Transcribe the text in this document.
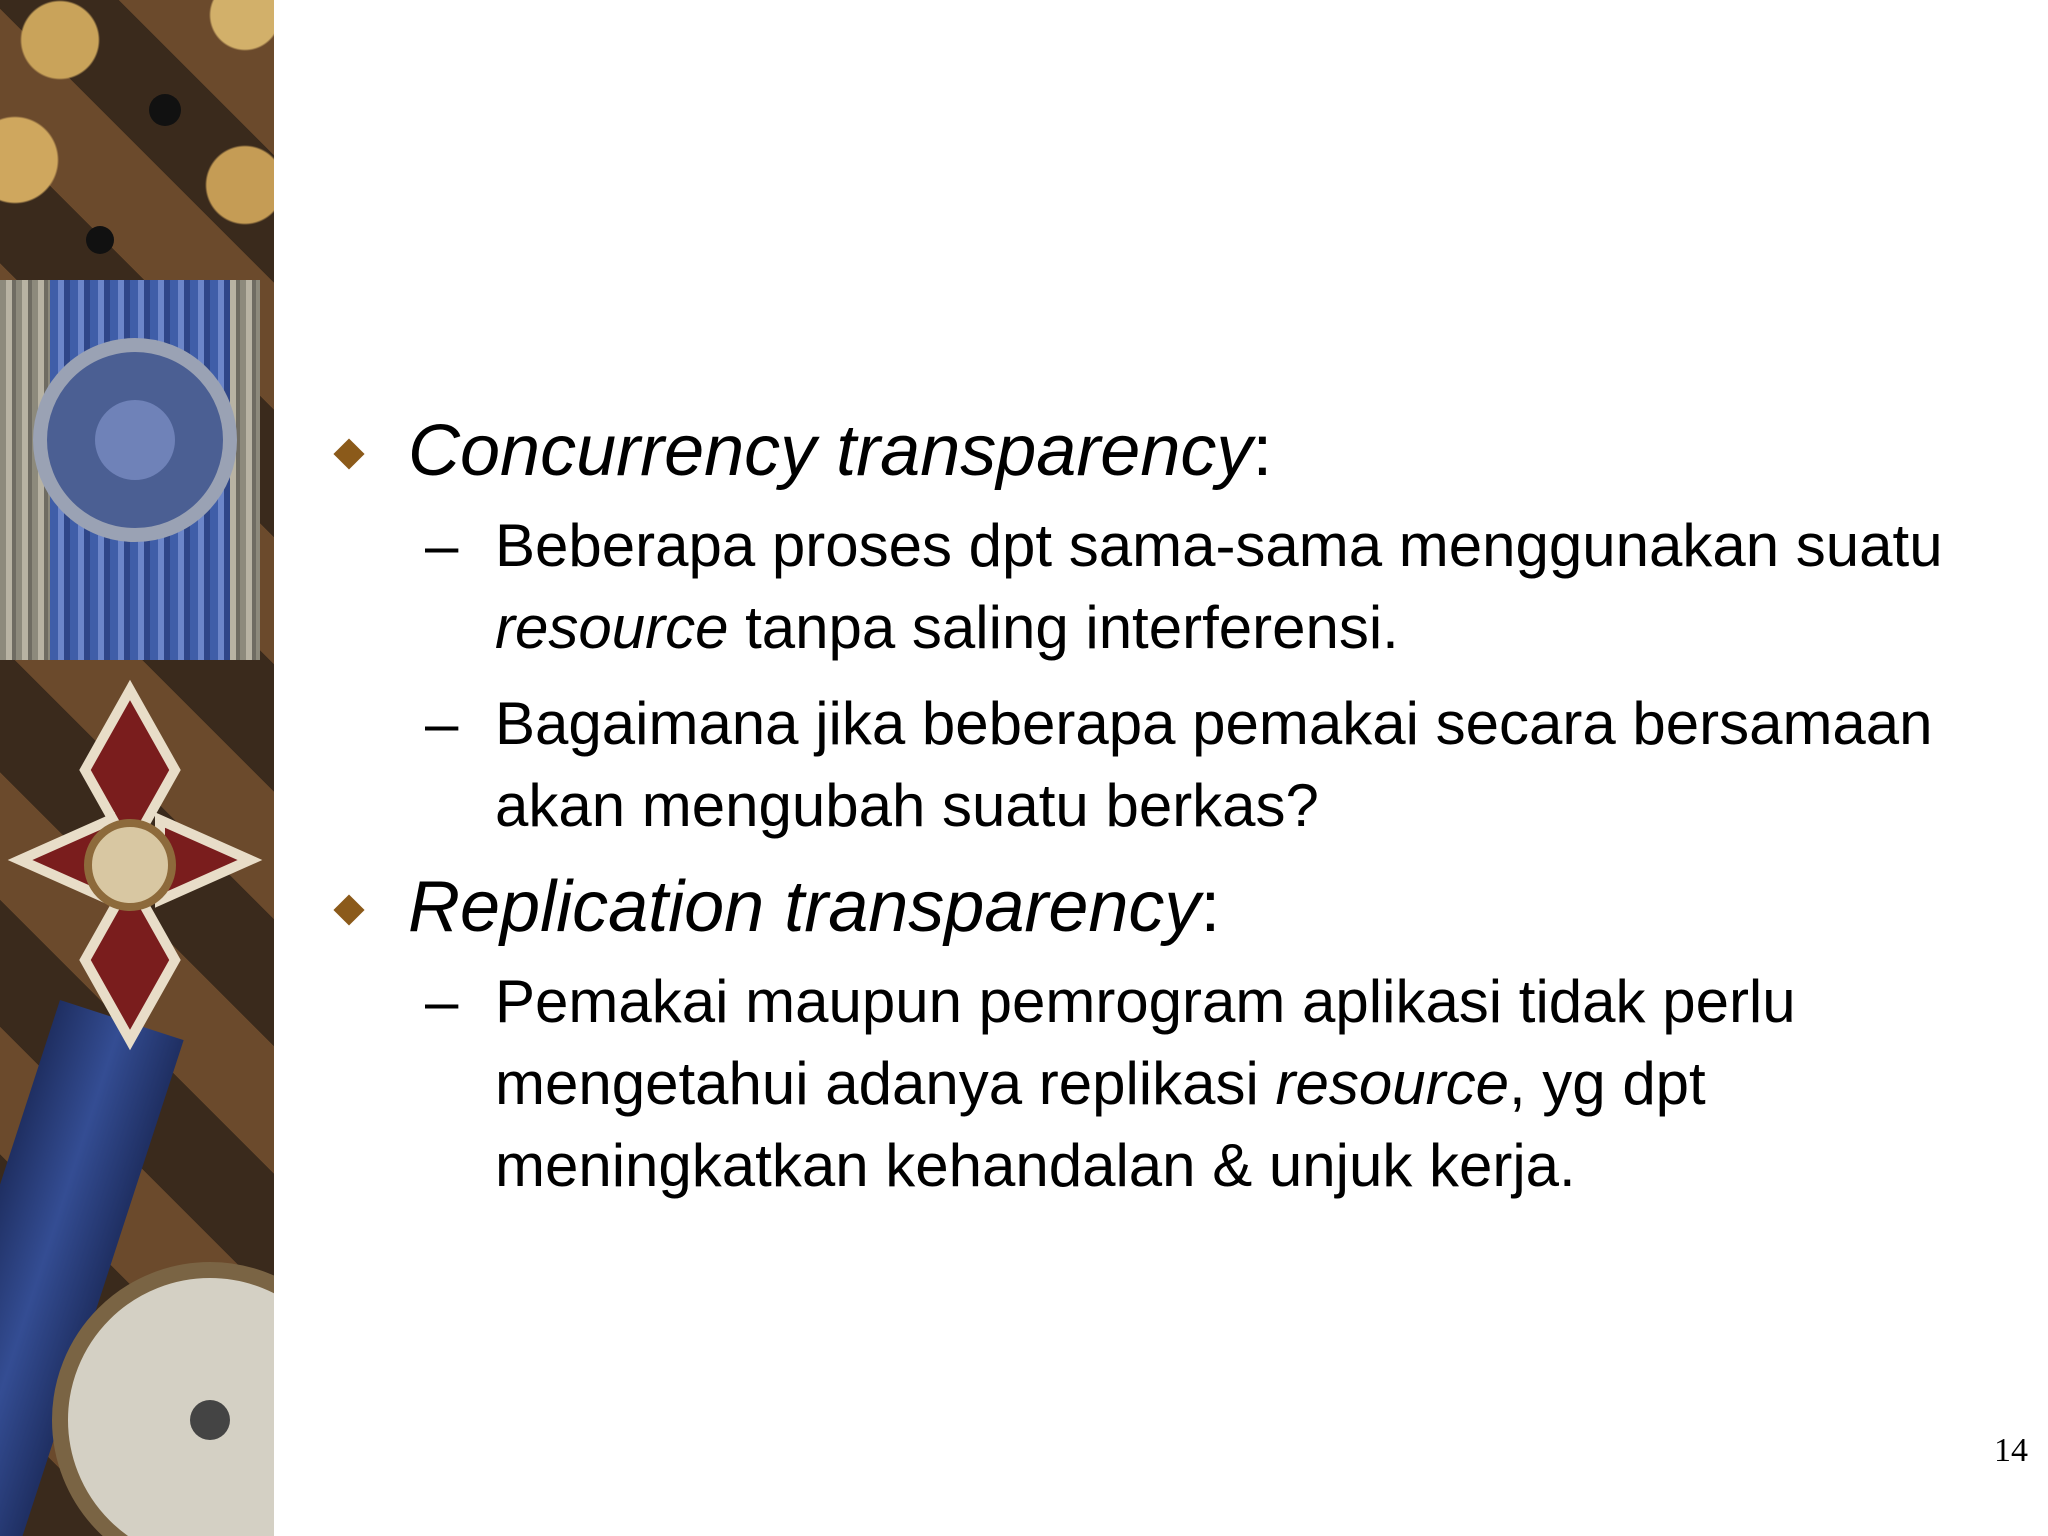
Concurrency transparency:
– Beberapa proses dpt sama-sama menggunakan suatu resource tanpa saling interferensi.
– Bagaimana jika beberapa pemakai secara bersamaan akan mengubah suatu berkas?
Replication transparency:
– Pemakai maupun pemrogram aplikasi tidak perlu mengetahui adanya replikasi resource, yg dpt meningkatkan kehandalan & unjuk kerja.
14
